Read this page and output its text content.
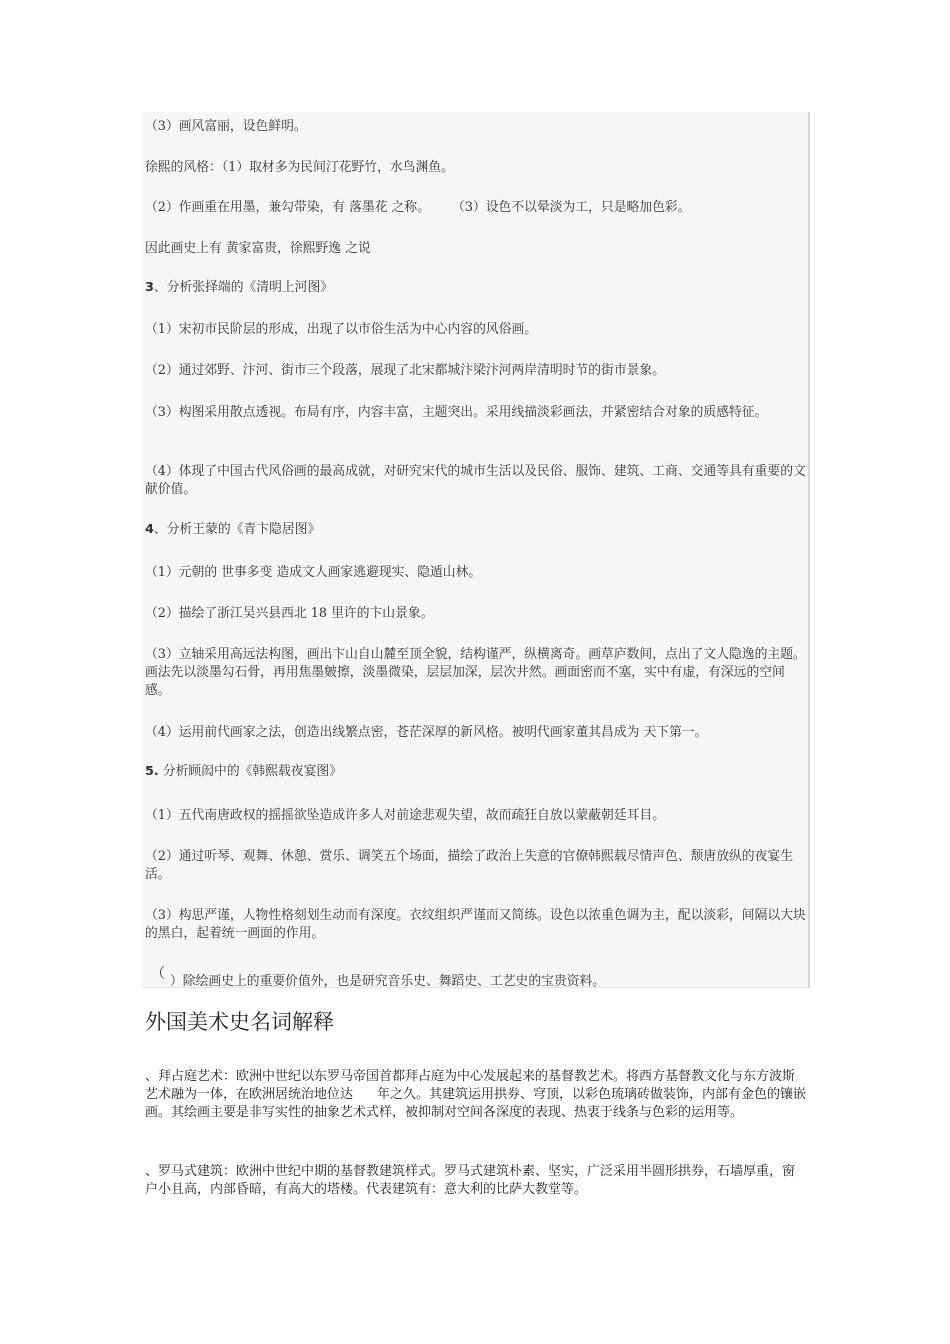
（3）画风富丽，设色鲜明。
徐熙的风格：（1）取材多为民间汀花野竹，水鸟渊鱼。
（2）作画重在用墨，兼勾带染，有 落墨花 之称。 （3）设色不以晕淡为工，只是略加色彩。
因此画史上有 黄家富贵，徐熙野逸 之说
3、分析张择端的《清明上河图》
（1）宋初市民阶层的形成，出现了以市俗生活为中心内容的风俗画。
（2）通过郊野、汴河、街市三个段落，展现了北宋都城汴梁汴河两岸清明时节的街市景象。
（3）构图采用散点透视。布局有序，内容丰富，主题突出。采用线描淡彩画法，并紧密结合对象的质感特征。
（4）体现了中国古代风俗画的最高成就，对研究宋代的城市生活以及民俗、服饰、建筑、工商、交通等具有重要的文献价值。
4、分析王蒙的《青卞隐居图》
（1）元朝的 世事多变 造成文人画家逃避现实、隐遁山林。
（2）描绘了浙江吴兴县西北 18 里许的卞山景象。
（3）立轴采用高远法构图，画出卞山自山麓至顶全貌，结构谨严，纵横离奇。画草庐数间，点出了文人隐逸的主题。画法先以淡墨勾石骨，再用焦墨皴擦，淡墨微染，层层加深，层次井然。画面密而不塞，实中有虚，有深远的空间感。
（4）运用前代画家之法，创造出线繁点密，苍茫深厚的新风格。被明代画家董其昌成为 天下第一。
5. 分析顾闳中的《韩熙载夜宴图》
（1）五代南唐政权的摇摇欲坠造成许多人对前途悲观失望，故而疏狂自放以蒙蔽朝廷耳目。
（2）通过听琴、观舞、休憩、赏乐、调笑五个场面，描绘了政治上失意的官僚韩熙载尽情声色、颓唐放纵的夜宴生活。
（3）构思严谨，人物性格刻划生动而有深度。衣纹组织严谨而又简练。设色以浓重色调为主，配以淡彩，间隔以大块的黑白，起着统一画面的作用。
（ ）除绘画史上的重要价值外，也是研究音乐史、舞蹈史、工艺史的宝贵资料。
外国美术史名词解释
、拜占庭艺术：欧洲中世纪以东罗马帝国首都拜占庭为中心发展起来的基督教艺术。将西方基督教文化与东方波斯艺术融为一体，在欧洲居统治地位达 年之久。其建筑运用拱券、穹顶，以彩色琉璃砖做装饰，内部有金色的镶嵌画。其绘画主要是非写实性的抽象艺术式样，被抑制对空间各深度的表现、热衷于线条与色彩的运用等。
、罗马式建筑：欧洲中世纪中期的基督教建筑样式。罗马式建筑朴素、坚实，广泛采用半圆形拱券，石墙厚重，窗户小且高，内部昏暗，有高大的塔楼。代表建筑有：意大利的比萨大教堂等。
